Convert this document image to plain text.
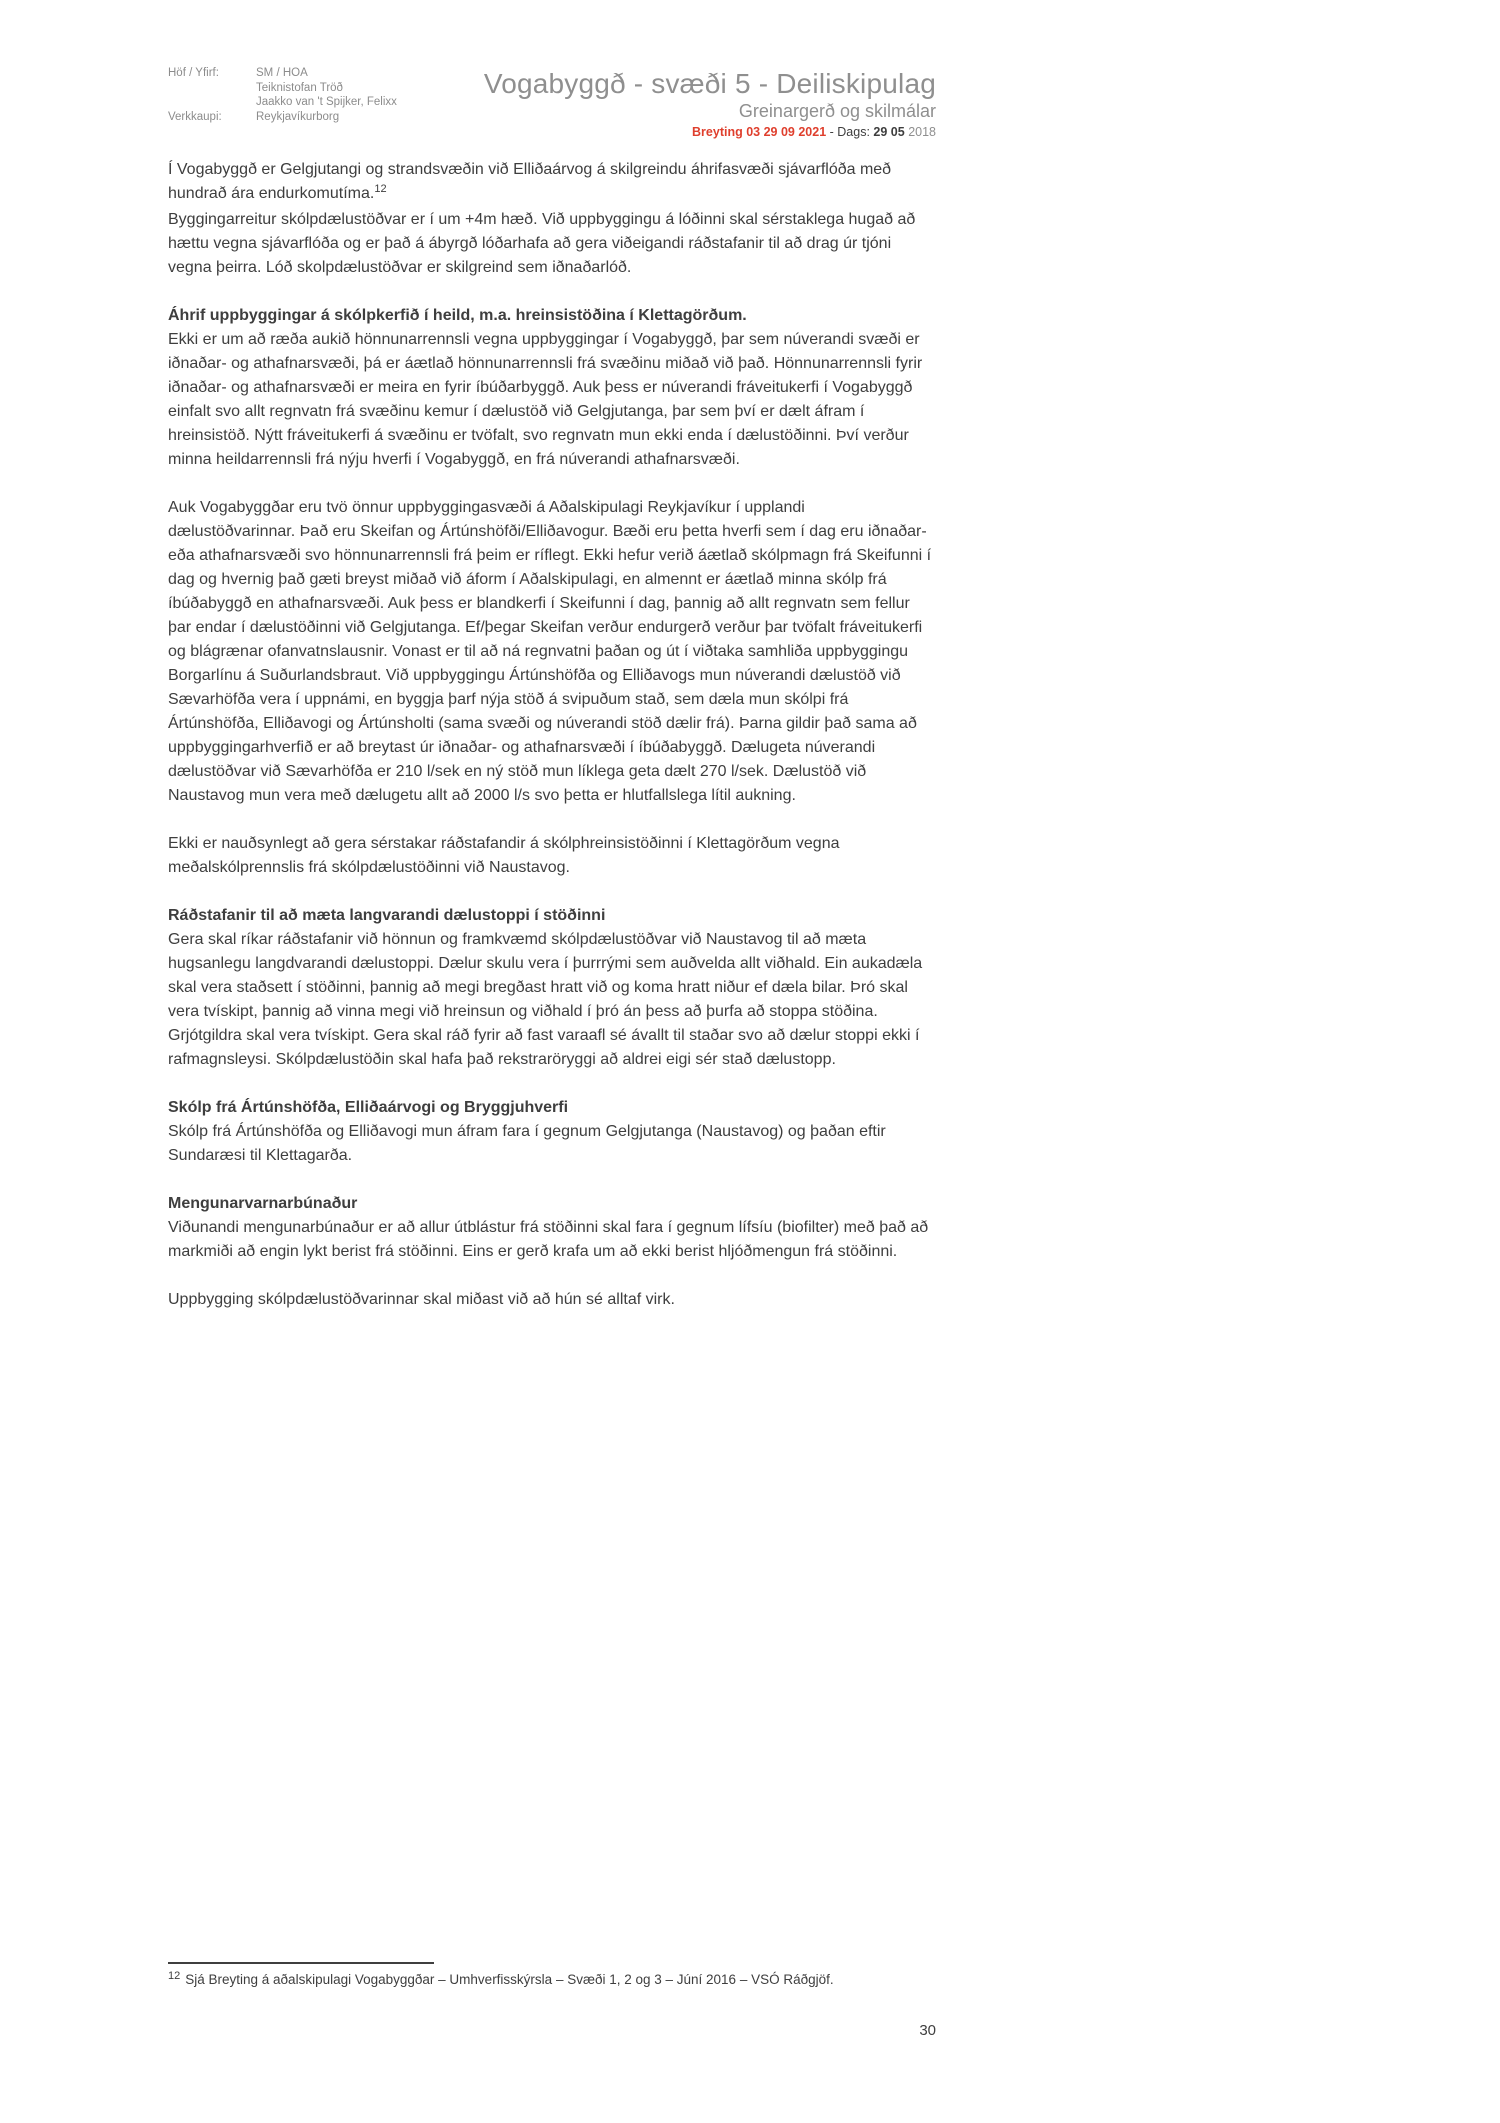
Höf / Yfirf:	SM / HOA
Teiknistofan Tröð
Jaakko van 't Spijker, Felixx
Verkkaupi:	Reykjavíkurborg
Vogabyggð - svæði 5 - Deiliskipulag
Greinargerð og skilmálar
Breyting 03 29 09 2021 - Dags: 29 05 2018

Í Vogabyggð er Gelgjutangi og strandsvæðin við Elliðaárvog á skilgreindu áhrifasvæði sjávarflóða með hundrað ára endurkomutíma.$^{12}$

Byggingarreitur skólpdælustöðvar er í um +4m hæð. Við uppbyggingu á lóðinni skal sérstaklega hugað að hættu vegna sjávarflóða og er það á ábyrgð lóðarhafa að gera viðeigandi ráðstafanir til að drag úr tjóni vegna þeirra. Lóð skolpdælustöðvar er skilgreind sem iðnaðarlóð.

Áhrif uppbyggingar á skólpkerfið í heild, m.a. hreinsistöðina í Klettagörðum.

Ekki er um að ræða aukið hönnunarrennsli vegna uppbyggingar í Vogabyggð, þar sem núverandi svæði er iðnaðar- og athafnarsvæði, þá er áætlað hönnunarrennsli frá svæðinu miðað við það. Hönnunarrennsli fyrir iðnaðar- og athafnarsvæði er meira en fyrir íbúðarbyggð. Auk þess er núverandi fráveitukerfi í Vogabyggð einfalt svo allt regnvatn frá svæðinu kemur í dælustöð við Gelgjutanga, þar sem því er dælt áfram í hreinsistöð. Nýtt fráveitukerfi á svæðinu er tvöfalt, svo regnvatn mun ekki enda í dælustöðinni. Því verður minna heildarrennsli frá nýju hverfi í Vogabyggð, en frá núverandi athafnarsvæði.

Auk Vogabyggðar eru tvö önnur uppbyggingasvæði á Aðalskipulagi Reykjavíkur í upplandi dælustöðvarinnar. Það eru Skeifan og Ártúnshöfði/Elliðavogur. Bæði eru þetta hverfi sem í dag eru iðnaðar- eða athafnarsvæði svo hönnunarrennsli frá þeim er ríflegt. Ekki hefur verið áætlað skólpmagn frá Skeifunni í dag og hvernig það gæti breyst miðað við áform í Aðalskipulagi, en almennt er áætlað minna skólp frá íbúðabyggð en athafnarsvæði. Auk þess er blandkerfi í Skeifunni í dag, þannig að allt regnvatn sem fellur þar endar í dælustöðinni við Gelgjutanga. Ef/þegar Skeifan verður endurgerð verður þar tvöfalt fráveitukerfi og blágrænar ofanvatnslausnir. Vonast er til að ná regnvatni þaðan og út í viðtaka samhliða uppbyggingu Borgarlínu á Suðurlandsbraut. Við uppbyggingu Ártúnshöfða og Elliðavogs mun núverandi dælustöð við Sævarhöfða vera í uppnámi, en byggja þarf nýja stöð á svipuðum stað, sem dæla mun skólpi frá Ártúnshöfða, Elliðavogi og Ártúnsholti (sama svæði og núverandi stöð dælir frá). Þarna gildir það sama að uppbyggingarhverfið er að breytast úr iðnaðar- og athafnarsvæði í íbúðabyggð. Dælugeta núverandi dælustöðvar við Sævarhöfða er 210 l/sek en ný stöð mun líklega geta dælt 270 l/sek. Dælustöð við Naustavog mun vera með dælugetu allt að 2000 l/s svo þetta er hlutfallslega lítil aukning.

Ekki er nauðsynlegt að gera sérstakar ráðstafandir á skólphreinsistöðinni í Klettagörðum vegna meðalskólprennslis frá skólpdælustöðinni við Naustavog.

Ráðstafanir til að mæta langvarandi dælustoppi í stöðinni

Gera skal ríkar ráðstafanir við hönnun og framkvæmd skólpdælustöðvar við Naustavog til að mæta hugsanlegu langdvarandi dælustoppi. Dælur skulu vera í þurrrými sem auðvelda allt viðhald. Ein aukadæla skal vera staðsett í stöðinni, þannig að megi bregðast hratt við og koma hratt niður ef dæla bilar. Þró skal vera tvískipt, þannig að vinna megi við hreinsun og viðhald í þró án þess að þurfa að stoppa stöðina. Grjótgildra skal vera tvískipt. Gera skal ráð fyrir að fast varaafl sé ávallt til staðar svo að dælur stoppi ekki í rafmagnsleysi. Skólpdælustöðin skal hafa það rekstraröryggi að aldrei eigi sér stað dælustopp.

Skólp frá Ártúnshöfða, Elliðaárvogi og Bryggjuhverfi

Skólp frá Ártúnshöfða og Elliðavogi mun áfram fara í gegnum Gelgjutanga (Naustavog) og þaðan eftir Sundaræsi til Klettagarða.

Mengunarvarnarbúnaður

Viðunandi mengunarbúnaður er að allur útblástur frá stöðinni skal fara í gegnum lífsíu (biofilter) með það að markmiði að engin lykt berist frá stöðinni. Eins er gerð krafa um að ekki berist hljóðmengun frá stöðinni.

Uppbygging skólpdælustöðvarinnar skal miðast við að hún sé alltaf virk.

$^{12}$ Sjá Breyting á aðalskipulagi Vogabyggðar – Umhverfisskýrsla – Svæði 1, 2 og 3 – Júní 2016 – VSÓ Ráðgjöf.
30
